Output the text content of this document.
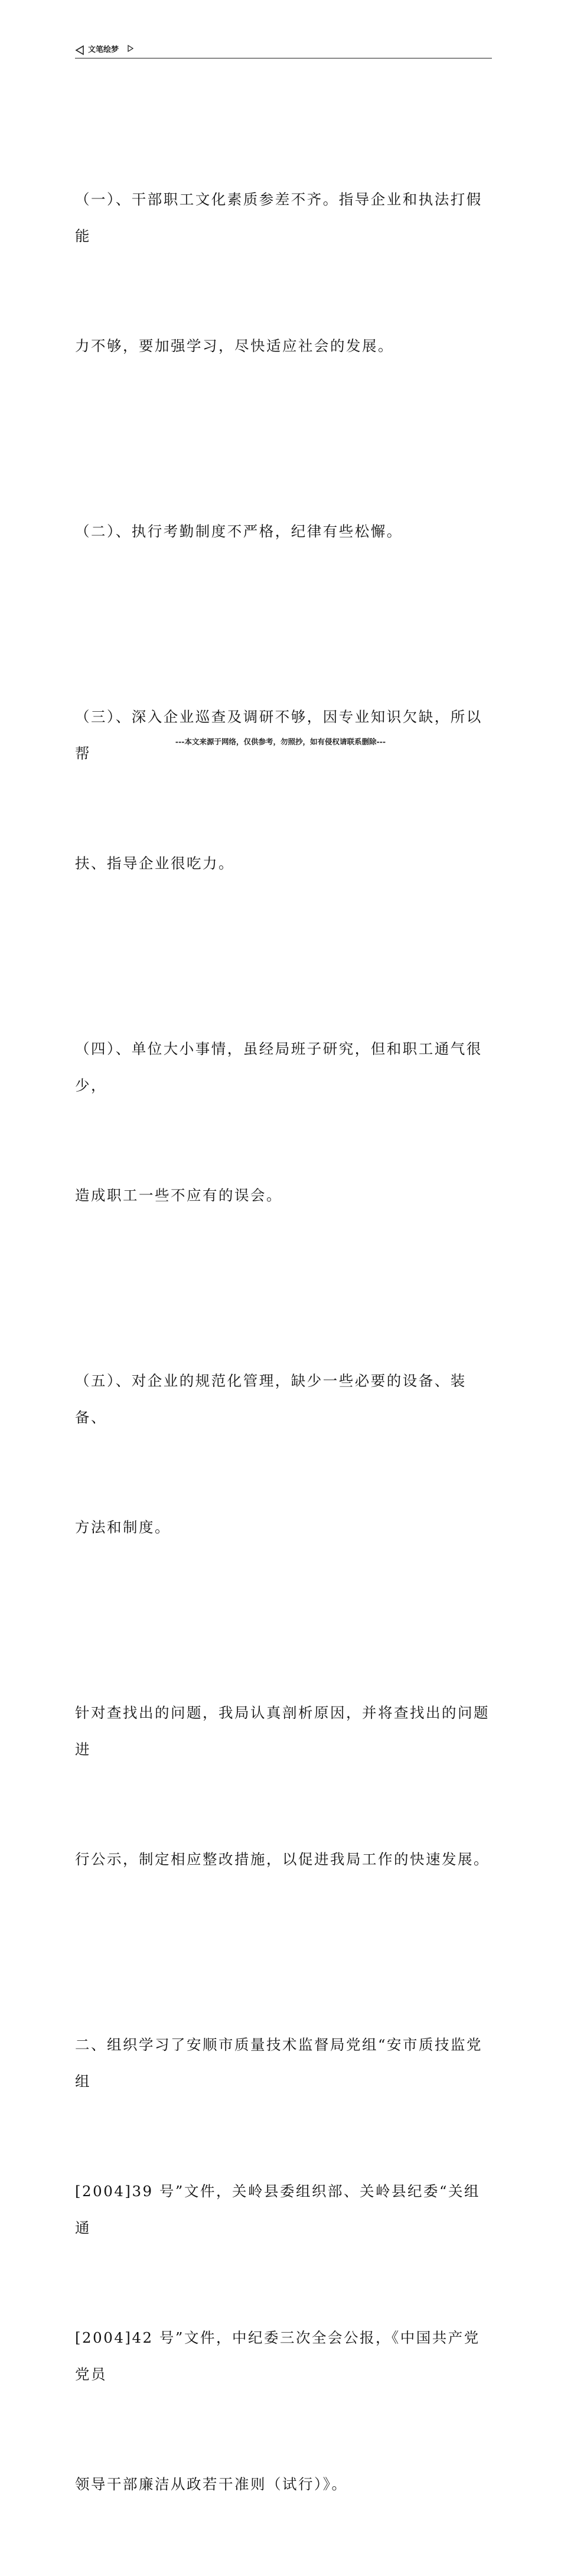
文笔绘梦

（一）、干部职工文化素质参差不齐。指导企业和执法打假能

力不够，要加强学习，尽快适应社会的发展。

（二）、执行考勤制度不严格，纪律有些松懈。

（三）、深入企业巡查及调研不够，因专业知识欠缺，所以帮

扶、指导企业很吃力。

（四）、单位大小事情，虽经局班子研究，但和职工通气很少，

造成职工一些不应有的误会。

（五）、对企业的规范化管理，缺少一些必要的设备、装备、

方法和制度。

针对查找出的问题，我局认真剖析原因，并将查找出的问题进

行公示，制定相应整改措施，以促进我局工作的快速发展。

二、组织学习了安顺市质量技术监督局党组“安市质技监党组

[2004]39 号”文件，关岭县委组织部、关岭县纪委“关组通

[2004]42 号”文件，中纪委三次全会公报，《中国共产党党员

领导干部廉洁从政若干准则（试行）》。

---本文来源于网络，仅供参考，勿照抄，如有侵权请联系删除---
